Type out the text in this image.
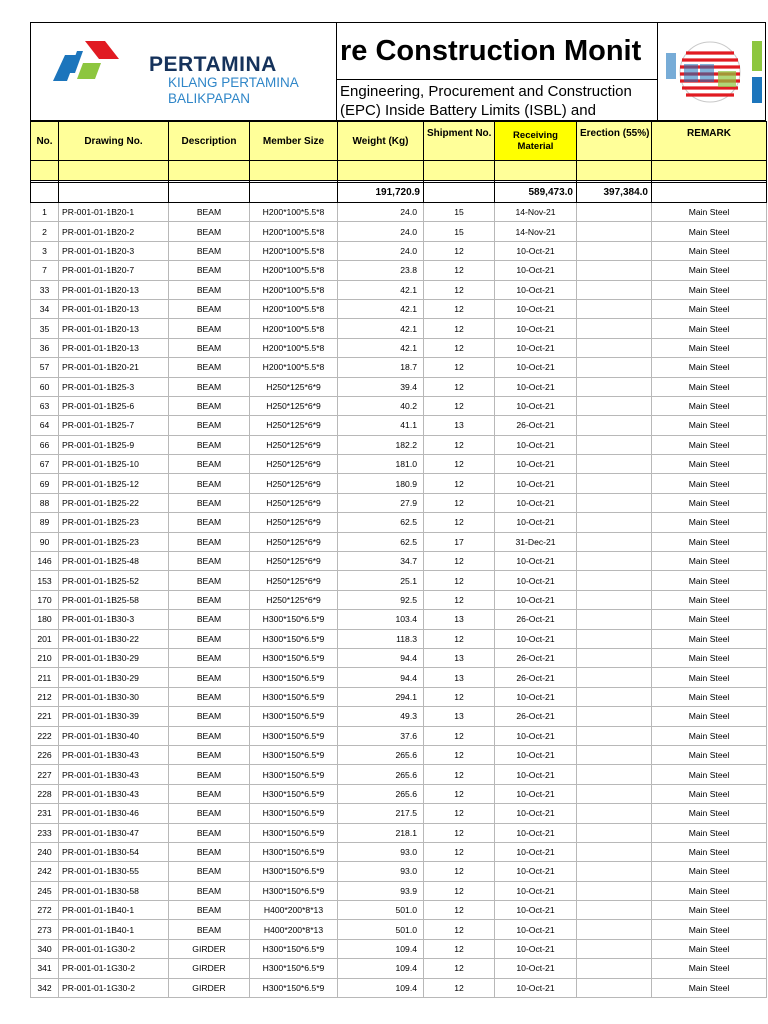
PERTAMINA
KILANG PERTAMINA
BALIKPAPAN
re Construction Monit
Engineering, Procurement and Construction
(EPC) Inside Battery Limits (ISBL) and
No.	Drawing No.	Description	Member Size	Weight (Kg)	Shipment No.	Receiving Material	Erection (55%)	REMARK

				191,720.9		589,473.0	397,384.0	
1	PR-001-01-1B20-1	BEAM	H200*100*5.5*8	24.0	15	14-Nov-21		Main Steel
2	PR-001-01-1B20-2	BEAM	H200*100*5.5*8	24.0	15	14-Nov-21		Main Steel
3	PR-001-01-1B20-3	BEAM	H200*100*5.5*8	24.0	12	10-Oct-21		Main Steel
7	PR-001-01-1B20-7	BEAM	H200*100*5.5*8	23.8	12	10-Oct-21		Main Steel
33	PR-001-01-1B20-13	BEAM	H200*100*5.5*8	42.1	12	10-Oct-21		Main Steel
34	PR-001-01-1B20-13	BEAM	H200*100*5.5*8	42.1	12	10-Oct-21		Main Steel
35	PR-001-01-1B20-13	BEAM	H200*100*5.5*8	42.1	12	10-Oct-21		Main Steel
36	PR-001-01-1B20-13	BEAM	H200*100*5.5*8	42.1	12	10-Oct-21		Main Steel
57	PR-001-01-1B20-21	BEAM	H200*100*5.5*8	18.7	12	10-Oct-21		Main Steel
60	PR-001-01-1B25-3	BEAM	H250*125*6*9	39.4	12	10-Oct-21		Main Steel
63	PR-001-01-1B25-6	BEAM	H250*125*6*9	40.2	12	10-Oct-21		Main Steel
64	PR-001-01-1B25-7	BEAM	H250*125*6*9	41.1	13	26-Oct-21		Main Steel
66	PR-001-01-1B25-9	BEAM	H250*125*6*9	182.2	12	10-Oct-21		Main Steel
67	PR-001-01-1B25-10	BEAM	H250*125*6*9	181.0	12	10-Oct-21		Main Steel
69	PR-001-01-1B25-12	BEAM	H250*125*6*9	180.9	12	10-Oct-21		Main Steel
88	PR-001-01-1B25-22	BEAM	H250*125*6*9	27.9	12	10-Oct-21		Main Steel
89	PR-001-01-1B25-23	BEAM	H250*125*6*9	62.5	12	10-Oct-21		Main Steel
90	PR-001-01-1B25-23	BEAM	H250*125*6*9	62.5	17	31-Dec-21		Main Steel
146	PR-001-01-1B25-48	BEAM	H250*125*6*9	34.7	12	10-Oct-21		Main Steel
153	PR-001-01-1B25-52	BEAM	H250*125*6*9	25.1	12	10-Oct-21		Main Steel
170	PR-001-01-1B25-58	BEAM	H250*125*6*9	92.5	12	10-Oct-21		Main Steel
180	PR-001-01-1B30-3	BEAM	H300*150*6.5*9	103.4	13	26-Oct-21		Main Steel
201	PR-001-01-1B30-22	BEAM	H300*150*6.5*9	118.3	12	10-Oct-21		Main Steel
210	PR-001-01-1B30-29	BEAM	H300*150*6.5*9	94.4	13	26-Oct-21		Main Steel
211	PR-001-01-1B30-29	BEAM	H300*150*6.5*9	94.4	13	26-Oct-21		Main Steel
212	PR-001-01-1B30-30	BEAM	H300*150*6.5*9	294.1	12	10-Oct-21		Main Steel
221	PR-001-01-1B30-39	BEAM	H300*150*6.5*9	49.3	13	26-Oct-21		Main Steel
222	PR-001-01-1B30-40	BEAM	H300*150*6.5*9	37.6	12	10-Oct-21		Main Steel
226	PR-001-01-1B30-43	BEAM	H300*150*6.5*9	265.6	12	10-Oct-21		Main Steel
227	PR-001-01-1B30-43	BEAM	H300*150*6.5*9	265.6	12	10-Oct-21		Main Steel
228	PR-001-01-1B30-43	BEAM	H300*150*6.5*9	265.6	12	10-Oct-21		Main Steel
231	PR-001-01-1B30-46	BEAM	H300*150*6.5*9	217.5	12	10-Oct-21		Main Steel
233	PR-001-01-1B30-47	BEAM	H300*150*6.5*9	218.1	12	10-Oct-21		Main Steel
240	PR-001-01-1B30-54	BEAM	H300*150*6.5*9	93.0	12	10-Oct-21		Main Steel
242	PR-001-01-1B30-55	BEAM	H300*150*6.5*9	93.0	12	10-Oct-21		Main Steel
245	PR-001-01-1B30-58	BEAM	H300*150*6.5*9	93.9	12	10-Oct-21		Main Steel
272	PR-001-01-1B40-1	BEAM	H400*200*8*13	501.0	12	10-Oct-21		Main Steel
273	PR-001-01-1B40-1	BEAM	H400*200*8*13	501.0	12	10-Oct-21		Main Steel
340	PR-001-01-1G30-2	GIRDER	H300*150*6.5*9	109.4	12	10-Oct-21		Main Steel
341	PR-001-01-1G30-2	GIRDER	H300*150*6.5*9	109.4	12	10-Oct-21		Main Steel
342	PR-001-01-1G30-2	GIRDER	H300*150*6.5*9	109.4	12	10-Oct-21		Main Steel
